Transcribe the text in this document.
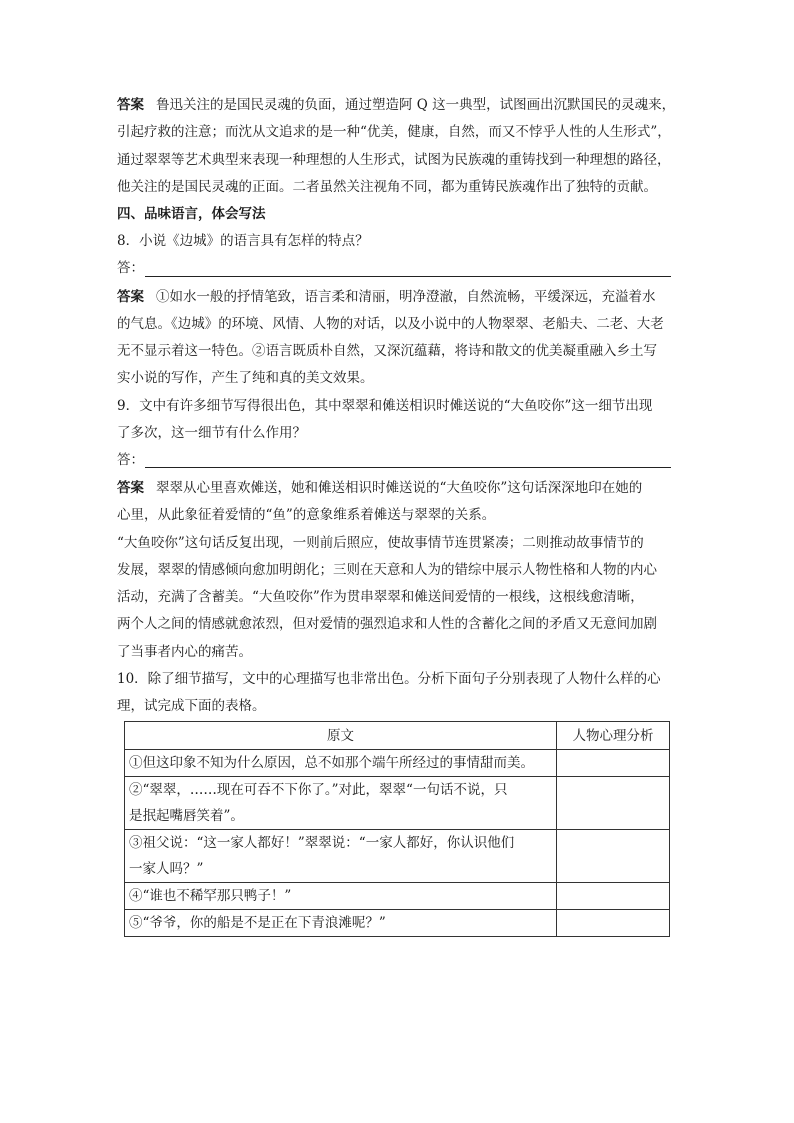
答案 鲁迅关注的是国民灵魂的负面，通过塑造阿 Q 这一典型，试图画出沉默国民的灵魂来，
引起疗救的注意；而沈从文追求的是一种“优美，健康，自然，而又不悖乎人性的人生形式”，
通过翠翠等艺术典型来表现一种理想的人生形式，试图为民族魂的重铸找到一种理想的路径，
他关注的是国民灵魂的正面。二者虽然关注视角不同，都为重铸民族魂作出了独特的贡献。
四、品味语言，体会写法
8．小说《边城》的语言具有怎样的特点？
答：
答案 ①如水一般的抒情笔致，语言柔和清丽，明净澄澈，自然流畅，平缓深远，充溢着水
的气息。《边城》的环境、风情、人物的对话，以及小说中的人物翠翠、老船夫、二老、大老
无不显示着这一特色。②语言既质朴自然，又深沉蕴藉，将诗和散文的优美凝重融入乡土写
实小说的写作，产生了纯和真的美文效果。
9．文中有许多细节写得很出色，其中翠翠和傩送相识时傩送说的“大鱼咬你”这一细节出现
了多次，这一细节有什么作用？
答：
答案 翠翠从心里喜欢傩送，她和傩送相识时傩送说的“大鱼咬你”这句话深深地印在她的
心里，从此象征着爱情的“鱼”的意象维系着傩送与翠翠的关系。
“大鱼咬你”这句话反复出现，一则前后照应，使故事情节连贯紧凑；二则推动故事情节的
发展，翠翠的情感倾向愈加明朗化；三则在天意和人为的错综中展示人物性格和人物的内心
活动，充满了含蓄美。“大鱼咬你”作为贯串翠翠和傩送间爱情的一根线，这根线愈清晰，
两个人之间的情感就愈浓烈，但对爱情的强烈追求和人性的含蓄化之间的矛盾又无意间加剧
了当事者内心的痛苦。
10．除了细节描写，文中的心理描写也非常出色。分析下面句子分别表现了人物什么样的心
理，试完成下面的表格。
原文	人物心理分析
①但这印象不知为什么原因，总不如那个端午所经过的事情甜而美。	
②“翠翠，……现在可吞不下你了。”对此，翠翠“一句话不说，只
是抿起嘴唇笑着”。	
③祖父说：“这一家人都好！”翠翠说：“一家人都好，你认识他们
一家人吗？”	
④“谁也不稀罕那只鸭子！”	
⑤“爷爷，你的船是不是正在下青浪滩呢？”	
